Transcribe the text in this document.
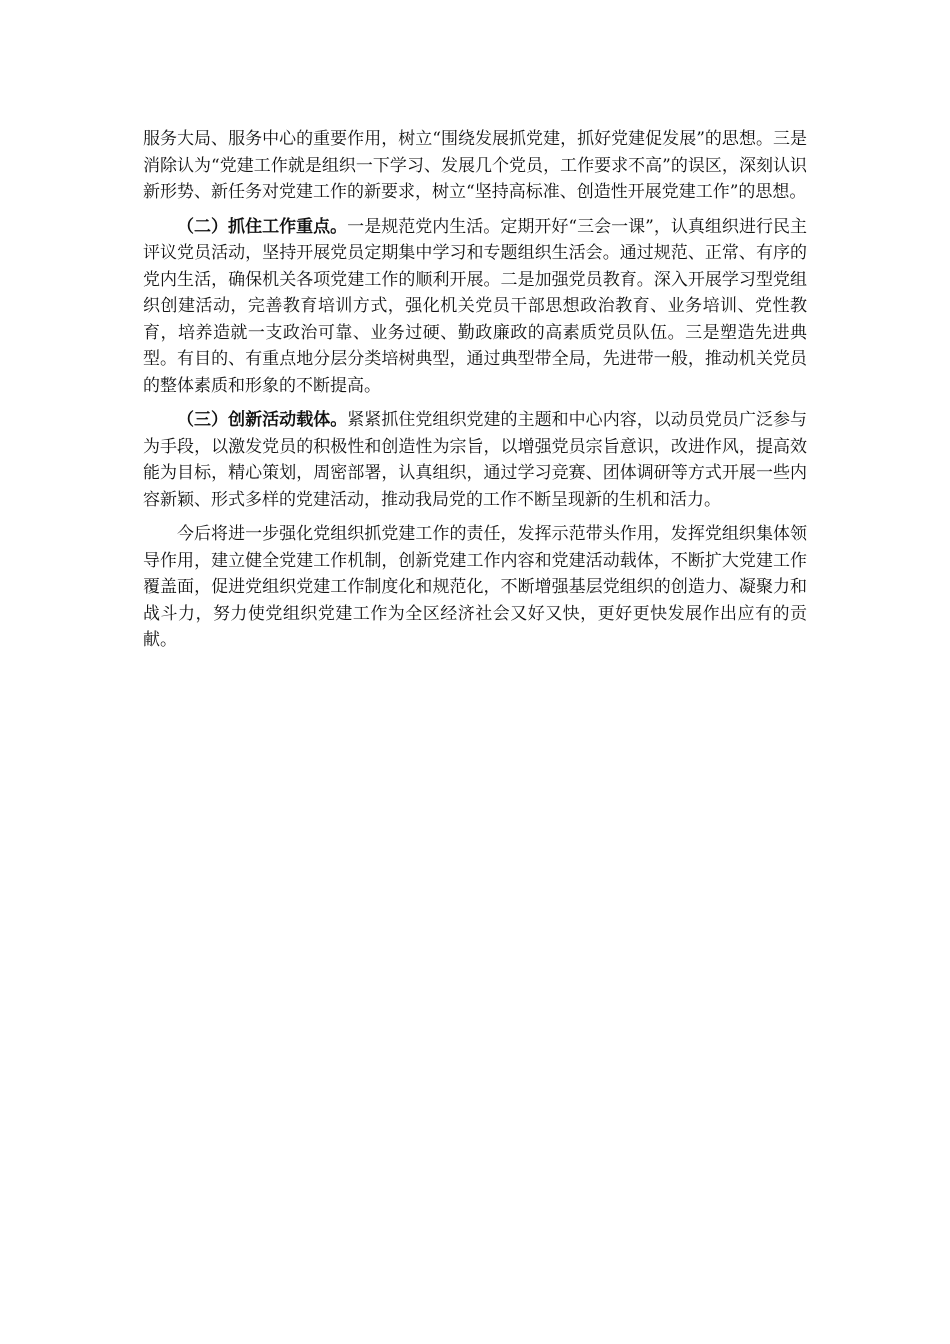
服务大局、服务中心的重要作用，树立“围绕发展抓党建，抓好党建促发展”的思想。三是消除认为“党建工作就是组织一下学习、发展几个党员，工作要求不高”的误区，深刻认识新形势、新任务对党建工作的新要求，树立“坚持高标准、创造性开展党建工作”的思想。

（二）抓住工作重点。一是规范党内生活。定期开好“三会一课”，认真组织进行民主评议党员活动，坚持开展党员定期集中学习和专题组织生活会。通过规范、正常、有序的党内生活，确保机关各项党建工作的顺利开展。二是加强党员教育。深入开展学习型党组织创建活动，完善教育培训方式，强化机关党员干部思想政治教育、业务培训、党性教育，培养造就一支政治可靠、业务过硬、勤政廉政的高素质党员队伍。三是塑造先进典型。有目的、有重点地分层分类培树典型，通过典型带全局，先进带一般，推动机关党员的整体素质和形象的不断提高。

（三）创新活动载体。紧紧抓住党组织党建的主题和中心内容，以动员党员广泛参与为手段，以激发党员的积极性和创造性为宗旨，以增强党员宗旨意识，改进作风，提高效能为目标，精心策划，周密部署，认真组织，通过学习竞赛、团体调研等方式开展一些内容新颖、形式多样的党建活动，推动我局党的工作不断呈现新的生机和活力。

今后将进一步强化党组织抓党建工作的责任，发挥示范带头作用，发挥党组织集体领导作用，建立健全党建工作机制，创新党建工作内容和党建活动载体，不断扩大党建工作覆盖面，促进党组织党建工作制度化和规范化，不断增强基层党组织的创造力、凝聚力和战斗力，努力使党组织党建工作为全区经济社会又好又快，更好更快发展作出应有的贡献。
